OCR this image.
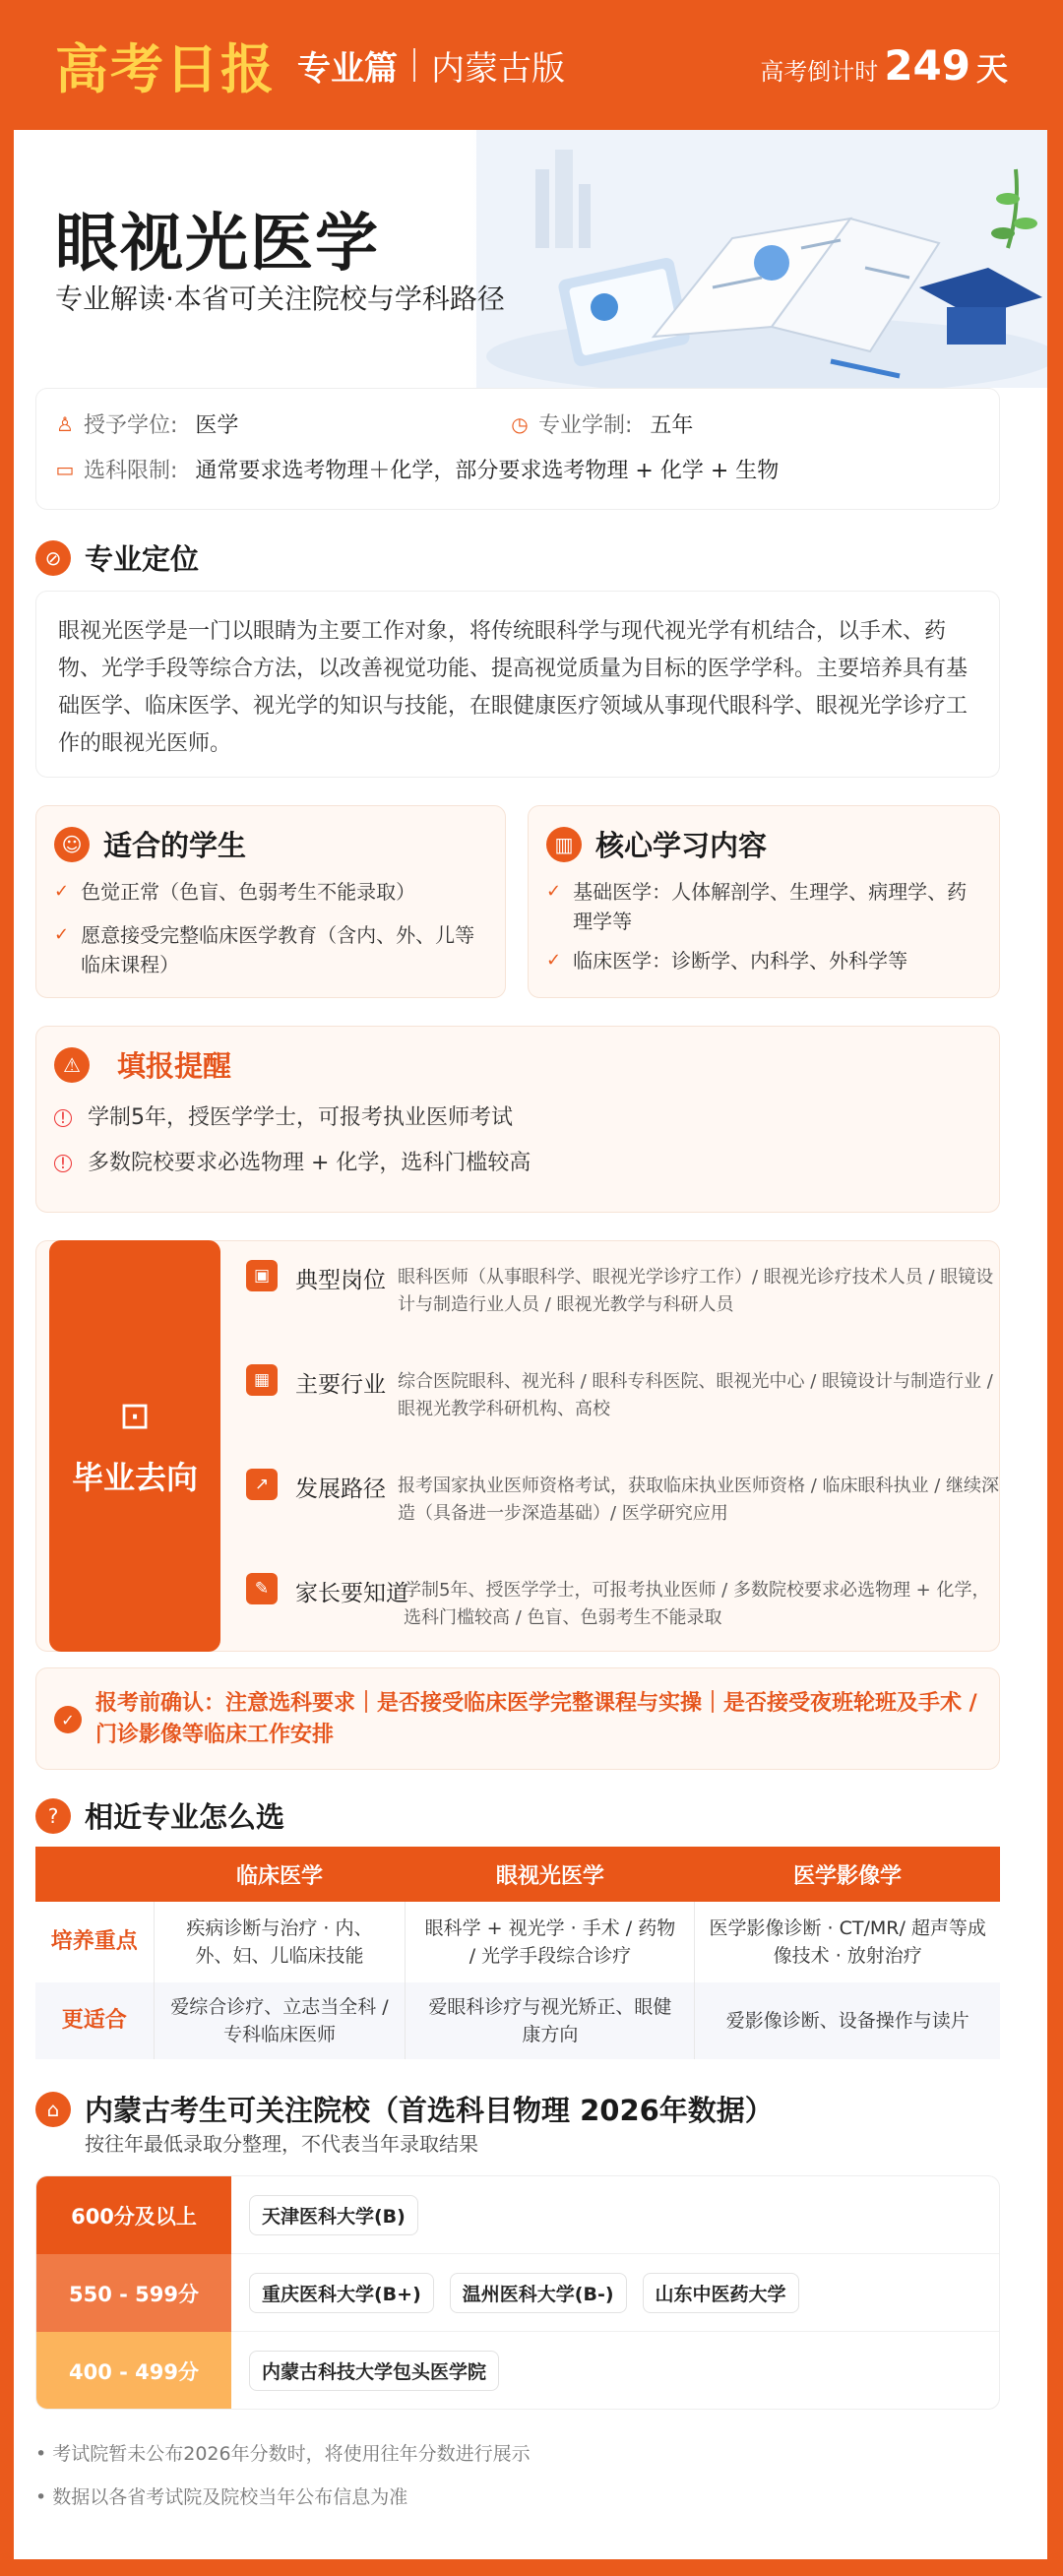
高考日报 专业篇 内蒙古版	高考倒计时 249 天
眼视光医学
专业解读·本省可关注院校与学科路径
♙ 授予学位: 医学	◷ 专业学制: 五年
▭ 选科限制: 通常要求选考物理＋化学，部分要求选考物理 + 化学 + 生物
⊘ 专业定位
眼视光医学是一门以眼睛为主要工作对象，将传统眼科学与现代视光学有机结合，以手术、药
物、光学手段等综合方法，以改善视觉功能、提高视觉质量为目标的医学学科。主要培养具有基
础医学、临床医学、视光学的知识与技能，在眼健康医疗领域从事现代眼科学、眼视光学诊疗工
作的眼视光医师。
☺ 适合的学生
✓ 色觉正常（色盲、色弱考生不能录取）
✓ 愿意接受完整临床医学教育（含内、外、儿等
临床课程）
▥ 核心学习内容
✓ 基础医学：人体解剖学、生理学、病理学、药
理学等
✓ 临床医学：诊断学、内科学、外科学等
⚠	填报提醒
! 学制5年，授医学学士，可报考执业医师考试
! 多数院校要求必选物理 + 化学，选科门槛较高
⊡
毕业去向
▣	典型岗位 眼科医师（从事眼科学、眼视光学诊疗工作）/ 眼视光诊疗技术人员 / 眼镜设计与制造行业人员 / 眼视光教学与科研人员
▦	主要行业 综合医院眼科、视光科 / 眼科专科医院、眼视光中心 / 眼镜设计与制造行业 / 眼视光教学科研机构、高校
↗	发展路径 报考国家执业医师资格考试，获取临床执业医师资格 / 临床眼科执业 / 继续深造（具备进一步深造基础）/ 医学研究应用
✎	家长要知道
学制5年、授医学学士，可报考执业医师 / 多数院校要求必选物理 + 化学，选科门槛较高 / 色盲、色弱考生不能录取
✓
报考前确认：注意选科要求｜是否接受临床医学完整课程与实操｜是否接受夜班轮班及手术 / 门诊影像等临床工作安排
? 相近专业怎么选
	临床医学	眼视光医学	医学影像学
培养重点	疾病诊断与治疗 · 内、外、妇、儿临床技能	眼科学 + 视光学 · 手术 / 药物 / 光学手段综合诊疗	医学影像诊断 · CT/MR/ 超声等成像技术 · 放射治疗
更适合	爱综合诊疗、立志当全科 / 专科临床医师	爱眼科诊疗与视光矫正、眼健康方向	爱影像诊断、设备操作与读片
⌂ 内蒙古考生可关注院校（首选科目物理 2026年数据）
按往年最低录取分整理，不代表当年录取结果
600分及以上	天津医科大学(B)
550 - 599分	重庆医科大学(B+)	温州医科大学(B-)	山东中医药大学
400 - 499分	内蒙古科技大学包头医学院
• 考试院暂未公布2026年分数时，将使用往年分数进行展示
• 数据以各省考试院及院校当年公布信息为准
